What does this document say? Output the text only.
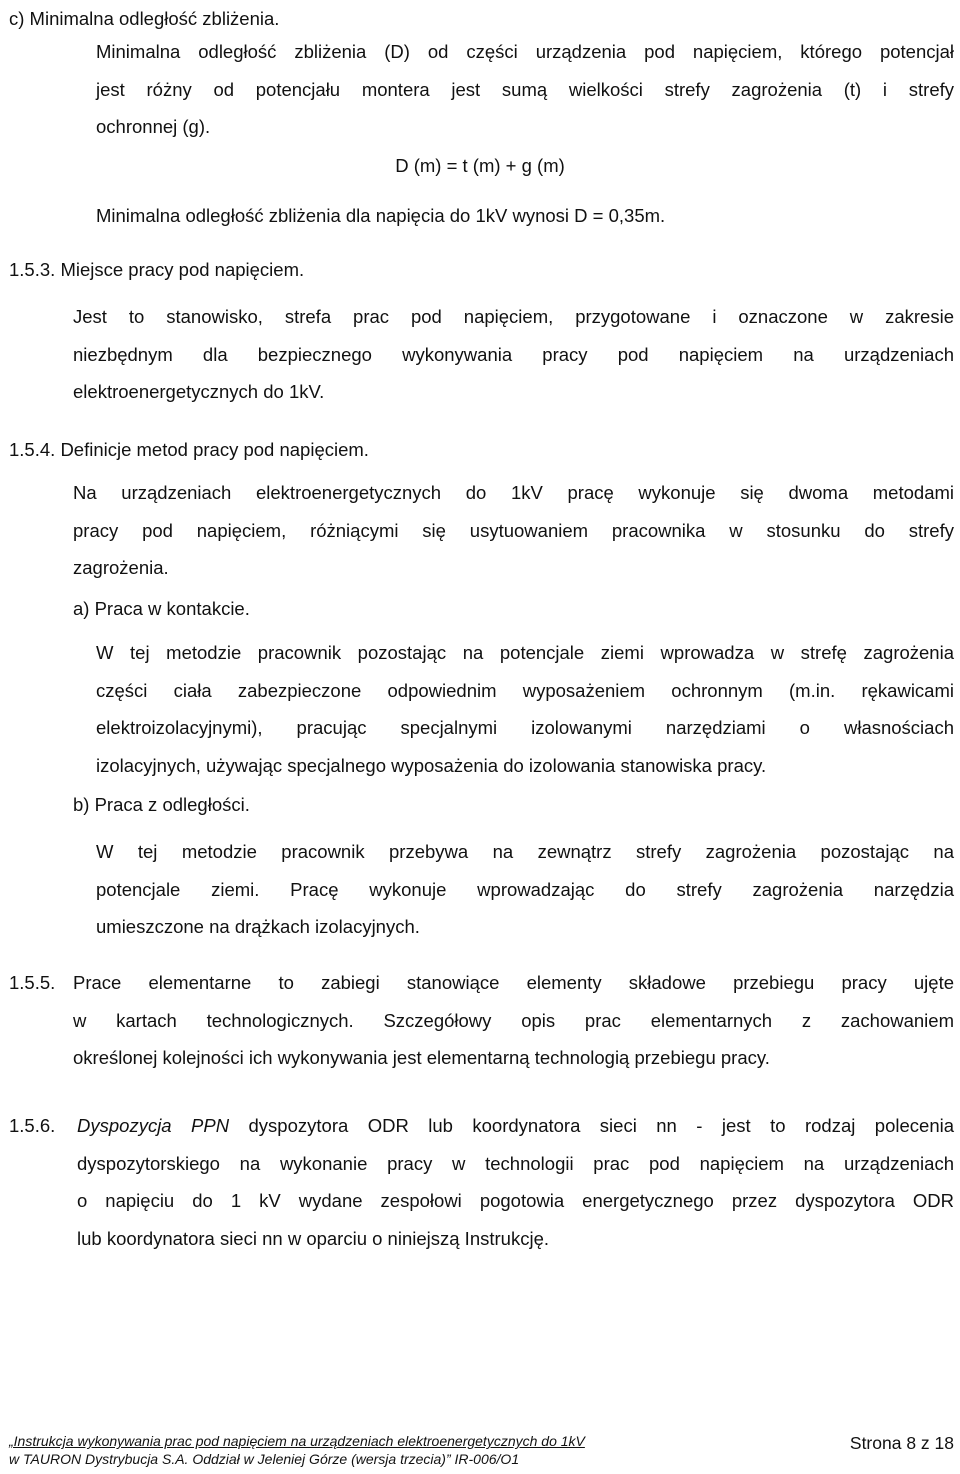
c) Minimalna odległość zbliżenia.
Minimalna odległość zbliżenia (D) od części urządzenia pod napięciem, którego potencjał
jest różny od potencjału montera jest sumą wielkości strefy zagrożenia (t) i strefy
ochronnej (g).
D (m) = t (m) + g (m)
Minimalna odległość zbliżenia dla napięcia do 1kV wynosi D = 0,35m.
1.5.3. Miejsce pracy pod napięciem.
Jest to stanowisko, strefa prac pod napięciem, przygotowane i oznaczone w zakresie
niezbędnym dla bezpiecznego wykonywania pracy pod napięciem na urządzeniach
elektroenergetycznych do 1kV.
1.5.4. Definicje metod pracy pod napięciem.
Na urządzeniach elektroenergetycznych do 1kV pracę wykonuje się dwoma metodami
pracy pod napięciem, różniącymi się usytuowaniem pracownika w stosunku do strefy
zagrożenia.
a) Praca w kontakcie.
W tej metodzie pracownik pozostając na potencjale ziemi wprowadza w strefę zagrożenia
części ciała zabezpieczone odpowiednim wyposażeniem ochronnym (m.in. rękawicami
elektroizolacyjnymi), pracując specjalnymi izolowanymi narzędziami o własnościach
izolacyjnych, używając specjalnego wyposażenia do izolowania stanowiska pracy.
b) Praca z odległości.
W tej metodzie pracownik przebywa na zewnątrz strefy zagrożenia pozostając na
potencjale ziemi. Pracę wykonuje wprowadzając do strefy zagrożenia narzędzia
umieszczone na drążkach izolacyjnych.
1.5.5. Prace elementarne to zabiegi stanowiące elementy składowe przebiegu pracy ujęte
w kartach technologicznych. Szczegółowy opis prac elementarnych z zachowaniem
określonej kolejności ich wykonywania jest elementarną technologią przebiegu pracy.
1.5.6. Dyspozycja PPN dyspozytora ODR lub koordynatora sieci nn - jest to rodzaj polecenia
dyspozytorskiego na wykonanie pracy w technologii prac pod napięciem na urządzeniach
o napięciu do 1 kV wydane zespołowi pogotowia energetycznego przez dyspozytora ODR
lub koordynatora sieci nn w oparciu o niniejszą Instrukcję.
„Instrukcja wykonywania prac pod napięciem na urządzeniach elektroenergetycznych do 1kV
w TAURON Dystrybucja S.A. Oddział w Jeleniej Górze (wersja trzecia)” IR-006/O1
Strona 8 z 18
